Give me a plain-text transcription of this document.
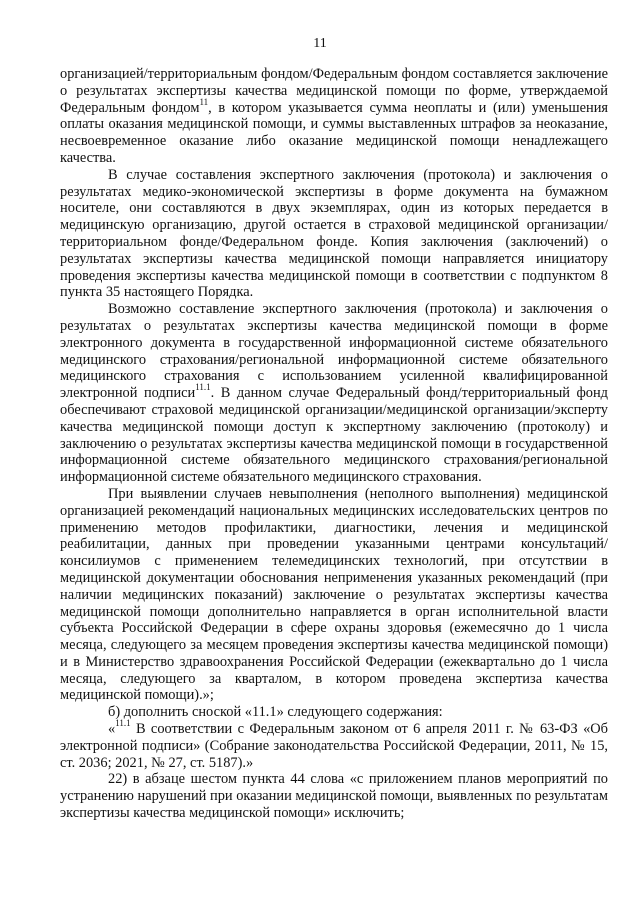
11

организацией/территориальным фондом/Федеральным фондом составляется заключение о результатах экспертизы качества медицинской помощи по форме, утверждаемой Федеральным фондом$^{11}$, в котором указывается сумма неоплаты и (или) уменьшения оплаты оказания медицинской помощи, и суммы выставленных штрафов за неоказание, несвоевременное оказание либо оказание медицинской помощи ненадлежащего качества.

В случае составления экспертного заключения (протокола) и заключения о результатах медико-экономической экспертизы в форме документа на бумажном носителе, они составляются в двух экземплярах, один из которых передается в медицинскую организацию, другой остается в страховой медицинской организации/территориальном фонде/Федеральном фонде. Копия заключения (заключений) о результатах экспертизы качества медицинской помощи направляется инициатору проведения экспертизы качества медицинской помощи в соответствии с подпунктом 8 пункта 35 настоящего Порядка.

Возможно составление экспертного заключения (протокола) и заключения о результатах о результатах экспертизы качества медицинской помощи в форме электронного документа в государственной информационной системе обязательного медицинского страхования/региональной информационной системе обязательного медицинского страхования с использованием усиленной квалифицированной электронной подписи$^{11.1}$. В данном случае Федеральный фонд/территориальный фонд обеспечивают страховой медицинской организации/медицинской организации/эксперту качества медицинской помощи доступ к экспертному заключению (протоколу) и заключению о результатах экспертизы качества медицинской помощи в государственной информационной системе обязательного медицинского страхования/региональной информационной системе обязательного медицинского страхования.

При выявлении случаев невыполнения (неполного выполнения) медицинской организацией рекомендаций национальных медицинских исследовательских центров по применению методов профилактики, диагностики, лечения и медицинской реабилитации, данных при проведении указанными центрами консультаций/консилиумов с применением телемедицинских технологий, при отсутствии в медицинской документации обоснования неприменения указанных рекомендаций (при наличии медицинских показаний) заключение о результатах экспертизы качества медицинской помощи дополнительно направляется в орган исполнительной власти субъекта Российской Федерации в сфере охраны здоровья (ежемесячно до 1 числа месяца, следующего за месяцем проведения экспертизы качества медицинской помощи) и в Министерство здравоохранения Российской Федерации (ежеквартально до 1 числа месяца, следующего за кварталом, в котором проведена экспертиза качества медицинской помощи).»;

б) дополнить сноской «11.1» следующего содержания:

«$^{11.1}$ В соответствии с Федеральным законом от 6 апреля 2011 г. № 63-ФЗ «Об электронной подписи» (Собрание законодательства Российской Федерации, 2011, № 15, ст. 2036; 2021, № 27, ст. 5187).»

22) в абзаце шестом пункта 44 слова «с приложением планов мероприятий по устранению нарушений при оказании медицинской помощи, выявленных по результатам экспертизы качества медицинской помощи» исключить;
